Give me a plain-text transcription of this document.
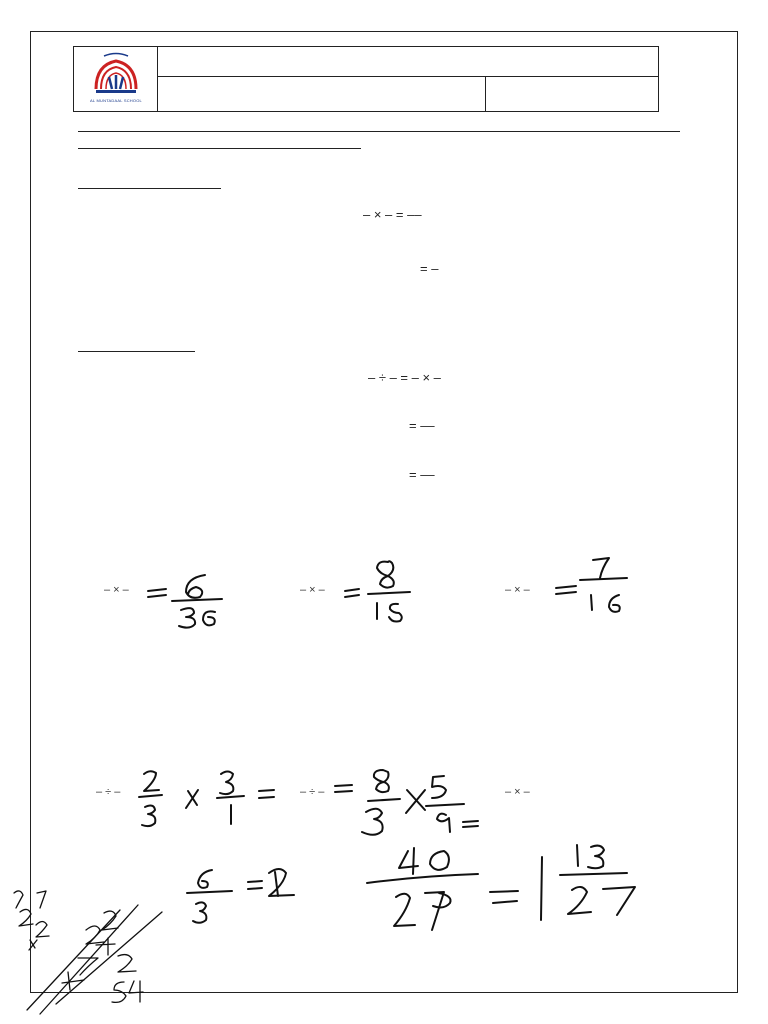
AL MUNTADAAL SCHOOL
– × – = ––
= –
– ÷ – = – × –
= ––
= ––
– × –	– × –	– × –
– ÷ –	– ÷ –	– × –
